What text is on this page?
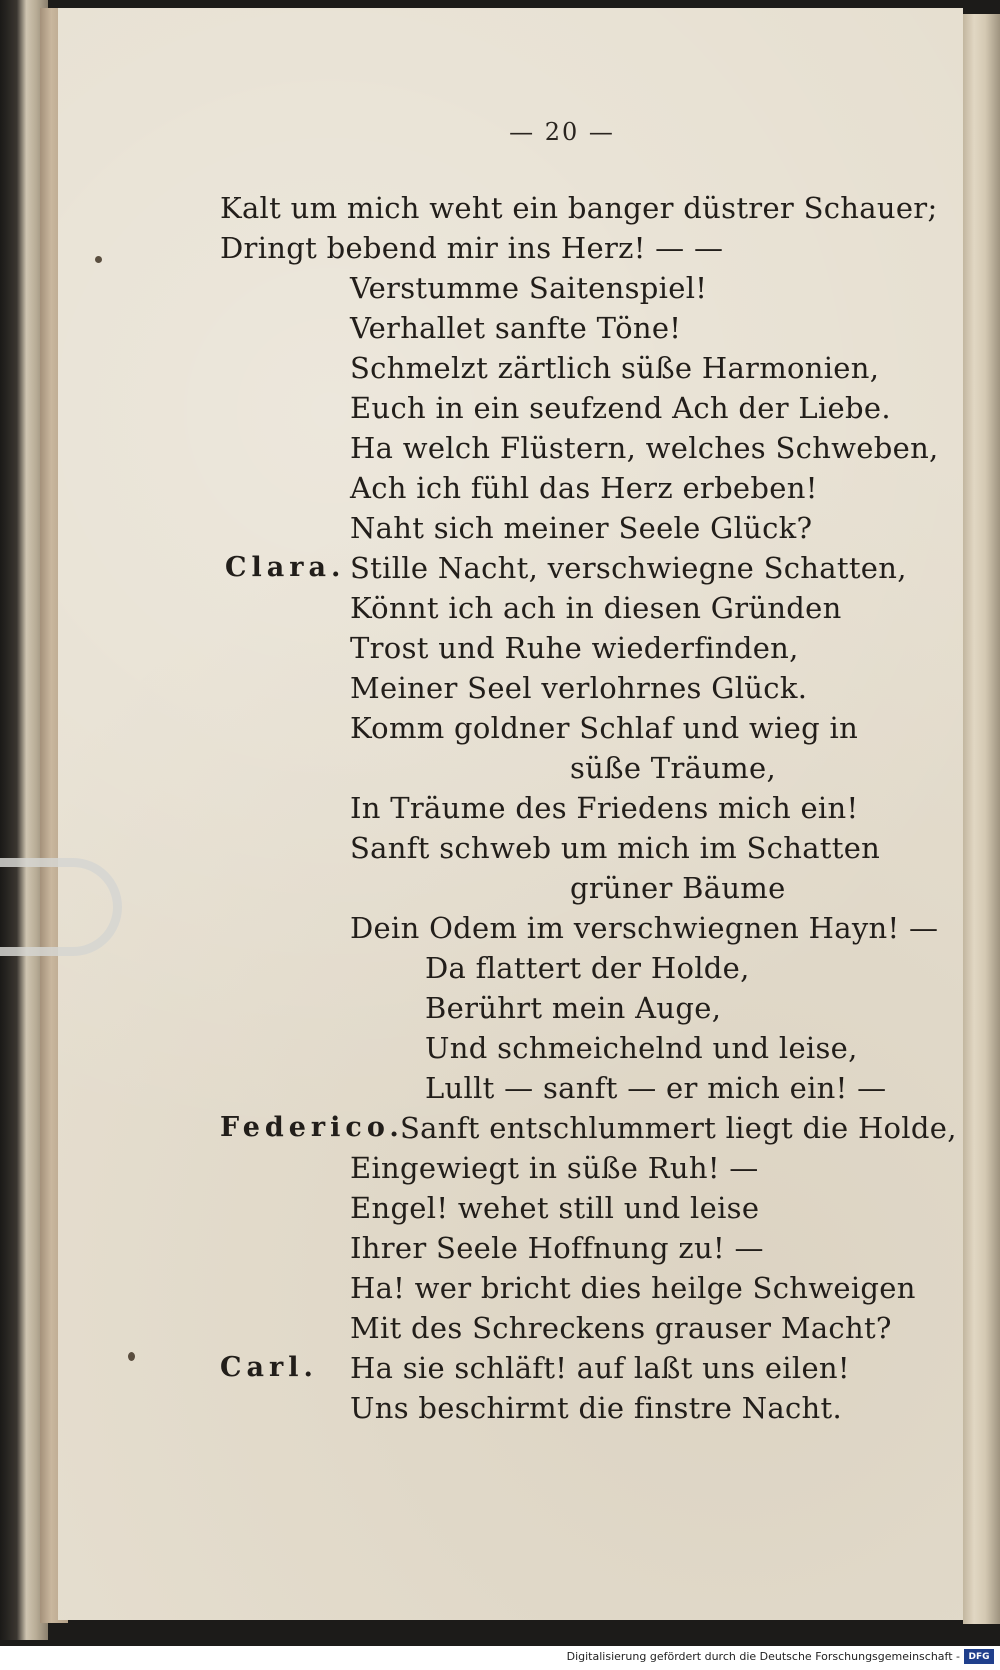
— 20 —

Kalt um mich weht ein banger düstrer Schauer;

Dringt bebend mir ins Herz! — —

Verstumme Saitenspiel!

Verhallet sanfte Töne!

Schmelzt zärtlich süße Harmonien,

Euch in ein seufzend Ach der Liebe.

Ha welch Flüstern, welches Schweben,

Ach ich fühl das Herz erbeben!

Naht sich meiner Seele Glück?

Clara. Stille Nacht, verschwiegne Schatten,

Könnt ich ach in diesen Gründen

Trost und Ruhe wiederfinden,

Meiner Seel verlohrnes Glück.

Komm goldner Schlaf und wieg in

süße Träume,

In Träume des Friedens mich ein!

Sanft schweb um mich im Schatten

grüner Bäume

Dein Odem im verschwiegnen Hayn! —

Da flattert der Holde,

Berührt mein Auge,

Und schmeichelnd und leise,

Lullt — sanft — er mich ein! —

Federico.

Sanft entschlummert liegt die Holde,

Eingewiegt in süße Ruh! —

Engel! wehet still und leise

Ihrer Seele Hoffnung zu! —

Ha! wer bricht dies heilge Schweigen

Mit des Schreckens grauser Macht?

Carl. Ha sie schläft! auf laßt uns eilen!

Uns beschirmt die finstre Nacht.

Digitalisierung gefördert durch die Deutsche Forschungsgemeinschaft - DFG
